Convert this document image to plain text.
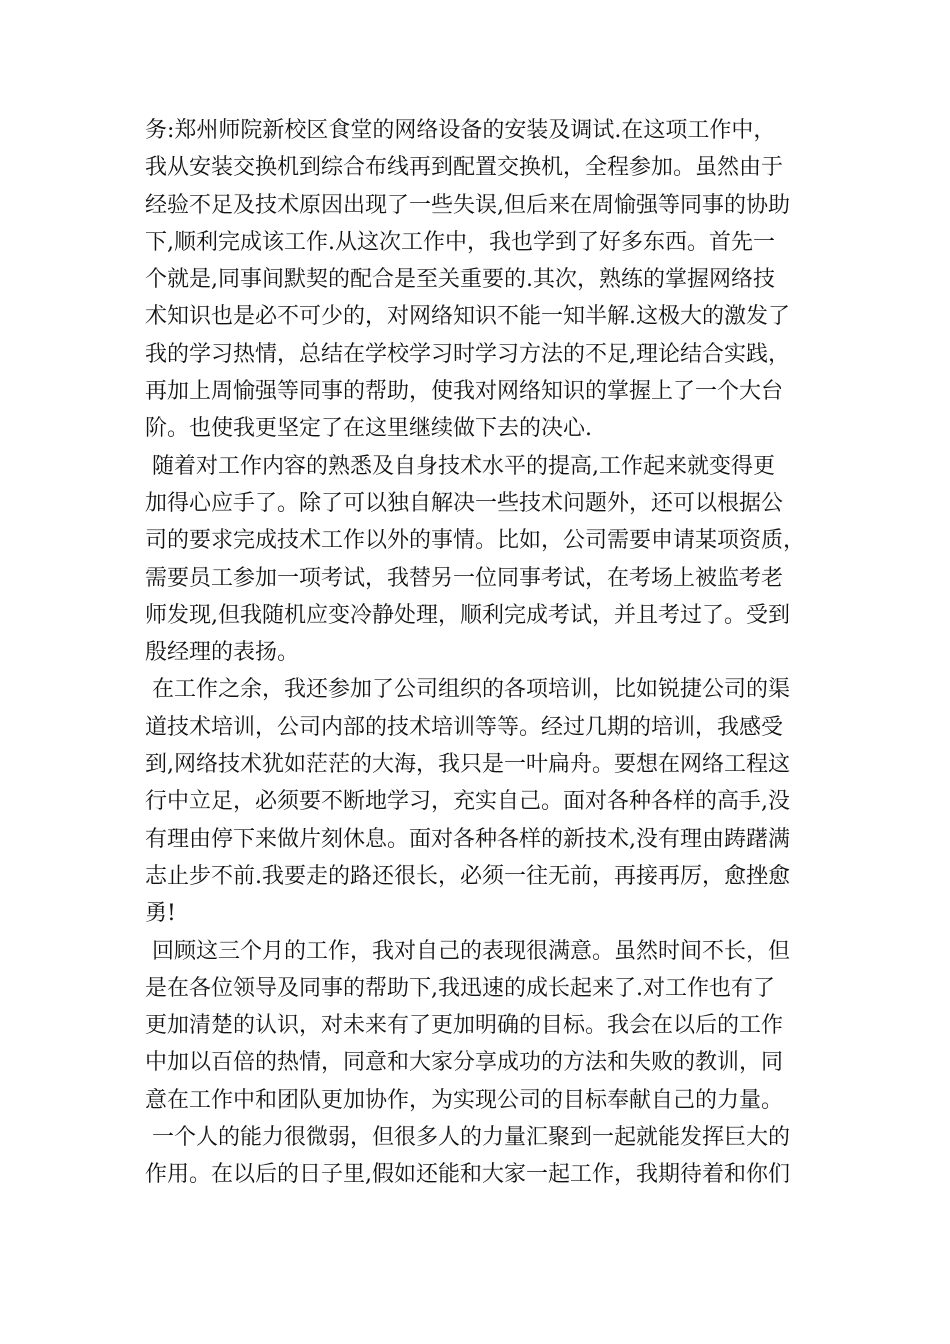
务:郑州师院新校区食堂的网络设备的安装及调试.在这项工作中，
我从安装交换机到综合布线再到配置交换机，全程参加。虽然由于
经验不足及技术原因出现了一些失误,但后来在周愉强等同事的协助
下,顺利完成该工作.从这次工作中，我也学到了好多东西。首先一
个就是,同事间默契的配合是至关重要的.其次，熟练的掌握网络技
术知识也是必不可少的，对网络知识不能一知半解.这极大的激发了
我的学习热情，总结在学校学习时学习方法的不足,理论结合实践，
再加上周愉强等同事的帮助，使我对网络知识的掌握上了一个大台
阶。也使我更坚定了在这里继续做下去的决心.
随着对工作内容的熟悉及自身技术水平的提高,工作起来就变得更
加得心应手了。除了可以独自解决一些技术问题外，还可以根据公
司的要求完成技术工作以外的事情。比如，公司需要申请某项资质，
需要员工参加一项考试，我替另一位同事考试，在考场上被监考老
师发现,但我随机应变冷静处理，顺利完成考试，并且考过了。受到
殷经理的表扬。
在工作之余，我还参加了公司组织的各项培训，比如锐捷公司的渠
道技术培训，公司内部的技术培训等等。经过几期的培训，我感受
到,网络技术犹如茫茫的大海，我只是一叶扁舟。要想在网络工程这
行中立足，必须要不断地学习，充实自己。面对各种各样的高手,没
有理由停下来做片刻休息。面对各种各样的新技术,没有理由踌躇满
志止步不前.我要走的路还很长，必须一往无前，再接再厉，愈挫愈
勇!
回顾这三个月的工作，我对自己的表现很满意。虽然时间不长，但
是在各位领导及同事的帮助下,我迅速的成长起来了.对工作也有了
更加清楚的认识，对未来有了更加明确的目标。我会在以后的工作
中加以百倍的热情，同意和大家分享成功的方法和失败的教训，同
意在工作中和团队更加协作，为实现公司的目标奉献自己的力量。
一个人的能力很微弱，但很多人的力量汇聚到一起就能发挥巨大的
作用。在以后的日子里,假如还能和大家一起工作，我期待着和你们
